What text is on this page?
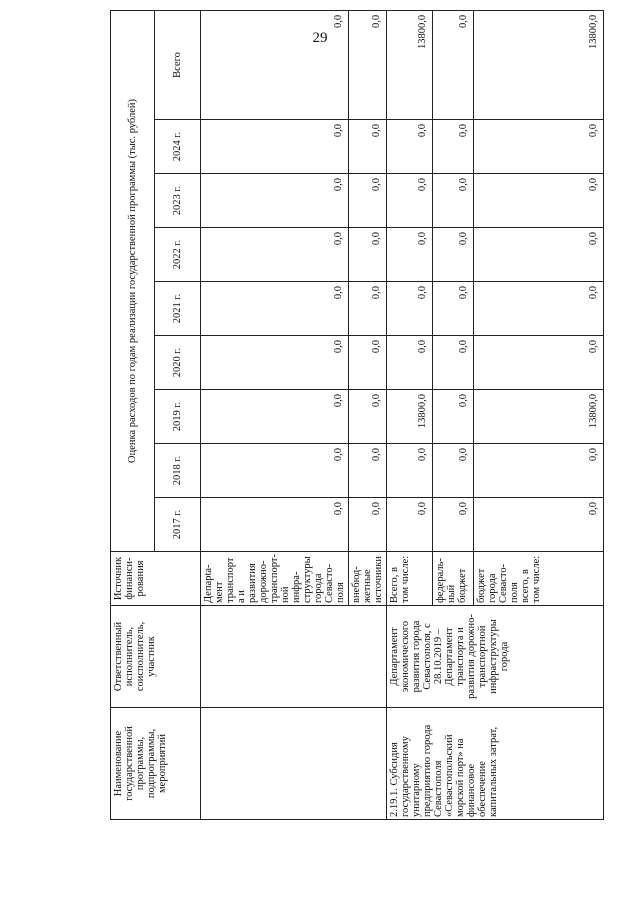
29
Наименование государственной программы, подпрограммы, мероприятий	Ответственный исполнитель, соисполнитель, участник	Источник финанси-рования	Оценка расходов по годам реализации государственной программы (тыс. рублей)								
			2017 г.	2018 г.	2019 г.	2020 г.	2021 г.	2022 г.	2023 г.	2024 г.	Всего
		Депарtа-мент транспорта и развития дорожно-транспорт-ной инфра-структуры города Севасто-поля	0,0	0,0	0,0	0,0	0,0	0,0	0,0	0,0	0,0
		внебюд-жетные источники	0,0	0,0	0,0	0,0	0,0	0,0	0,0	0,0	0,0
2.19.1. Субсидия государственному унитарному предприятию города Севастополя «Севастопольский морской порт» на финансовое обеспечение капитальных затрат,	Департамент экономического развития города Севастополя, с 28.10.2019 – Департамент транспорта и развития дорожно-транспортной инфраструктуры города	Всего, в том числе:	0,0	0,0	13800,0	0,0	0,0	0,0	0,0	0,0	13800,0
		федераль-ный бюджет	0,0	0,0	0,0	0,0	0,0	0,0	0,0	0,0	0,0
		бюджет города Севасто-поля всего, в том числе:	0,0	0,0	13800,0	0,0	0,0	0,0	0,0	0,0	13800,0
